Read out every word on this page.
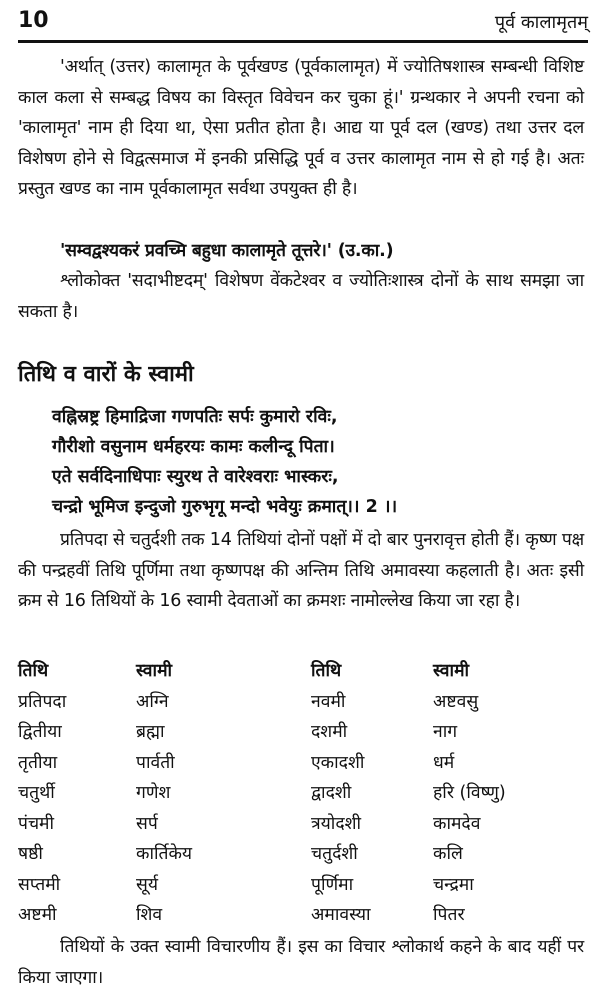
10	पूर्व कालामृतम्
'अर्थात् (उत्तर) कालामृत के पूर्वखण्ड (पूर्वकालामृत) में ज्योतिषशास्त्र सम्बन्धी विशिष्ट काल कला से सम्बद्ध विषय का विस्तृत विवेचन कर चुका हूं।' ग्रन्थकार ने अपनी रचना को 'कालामृत' नाम ही दिया था, ऐसा प्रतीत होता है। आद्य या पूर्व दल (खण्ड) तथा उत्तर दल विशेषण होने से विद्वत्समाज में इनकी प्रसिद्धि पूर्व व उत्तर कालामृत नाम से हो गई है। अतः प्रस्तुत खण्ड का नाम पूर्वकालामृत सर्वथा उपयुक्त ही है।
'सम्वद्वश्यकरं प्रवच्मि बहुधा कालामृते तूत्तरे।' (उ.का.)
श्लोकोक्त 'सदाभीष्टदम्' विशेषण वेंकटेश्वर व ज्योतिःशास्त्र दोनों के साथ समझा जा सकता है।
तिथि व वारों के स्वामी
वह्निस्रष्ट्र हिमाद्रिजा गणपतिः सर्पः कुमारो रविः,
गौरीशो वसुनाम धर्महरयः कामः कलीन्दू पिता।
एते सर्वदिनाधिपाः स्युरथ ते वारेश्वराः भास्करः,
चन्द्रो भूमिज इन्दुजो गुरुभृगू मन्दो भवेयुः क्रमात्।। 2 ।।
प्रतिपदा से चतुर्दशी तक 14 तिथियां दोनों पक्षों में दो बार पुनरावृत्त होती हैं। कृष्ण पक्ष की पन्द्रहवीं तिथि पूर्णिमा तथा कृष्णपक्ष की अन्तिम तिथि अमावस्या कहलाती है। अतः इसी क्रम से 16 तिथियों के 16 स्वामी देवताओं का क्रमशः नामोल्लेख किया जा रहा है।
तिथि	स्वामी	तिथि	स्वामी
प्रतिपदा	अग्नि	नवमी	अष्टवसु
द्वितीया	ब्रह्मा	दशमी	नाग
तृतीया	पार्वती	एकादशी	धर्म
चतुर्थी	गणेश	द्वादशी	हरि (विष्णु)
पंचमी	सर्प	त्रयोदशी	कामदेव
षष्ठी	कार्तिकेय	चतुर्दशी	कलि
सप्तमी	सूर्य	पूर्णिमा	चन्द्रमा
अष्टमी	शिव	अमावस्या	पितर
तिथियों के उक्त स्वामी विचारणीय हैं। इस का विचार श्लोकार्थ कहने के बाद यहीं पर किया जाएगा।
